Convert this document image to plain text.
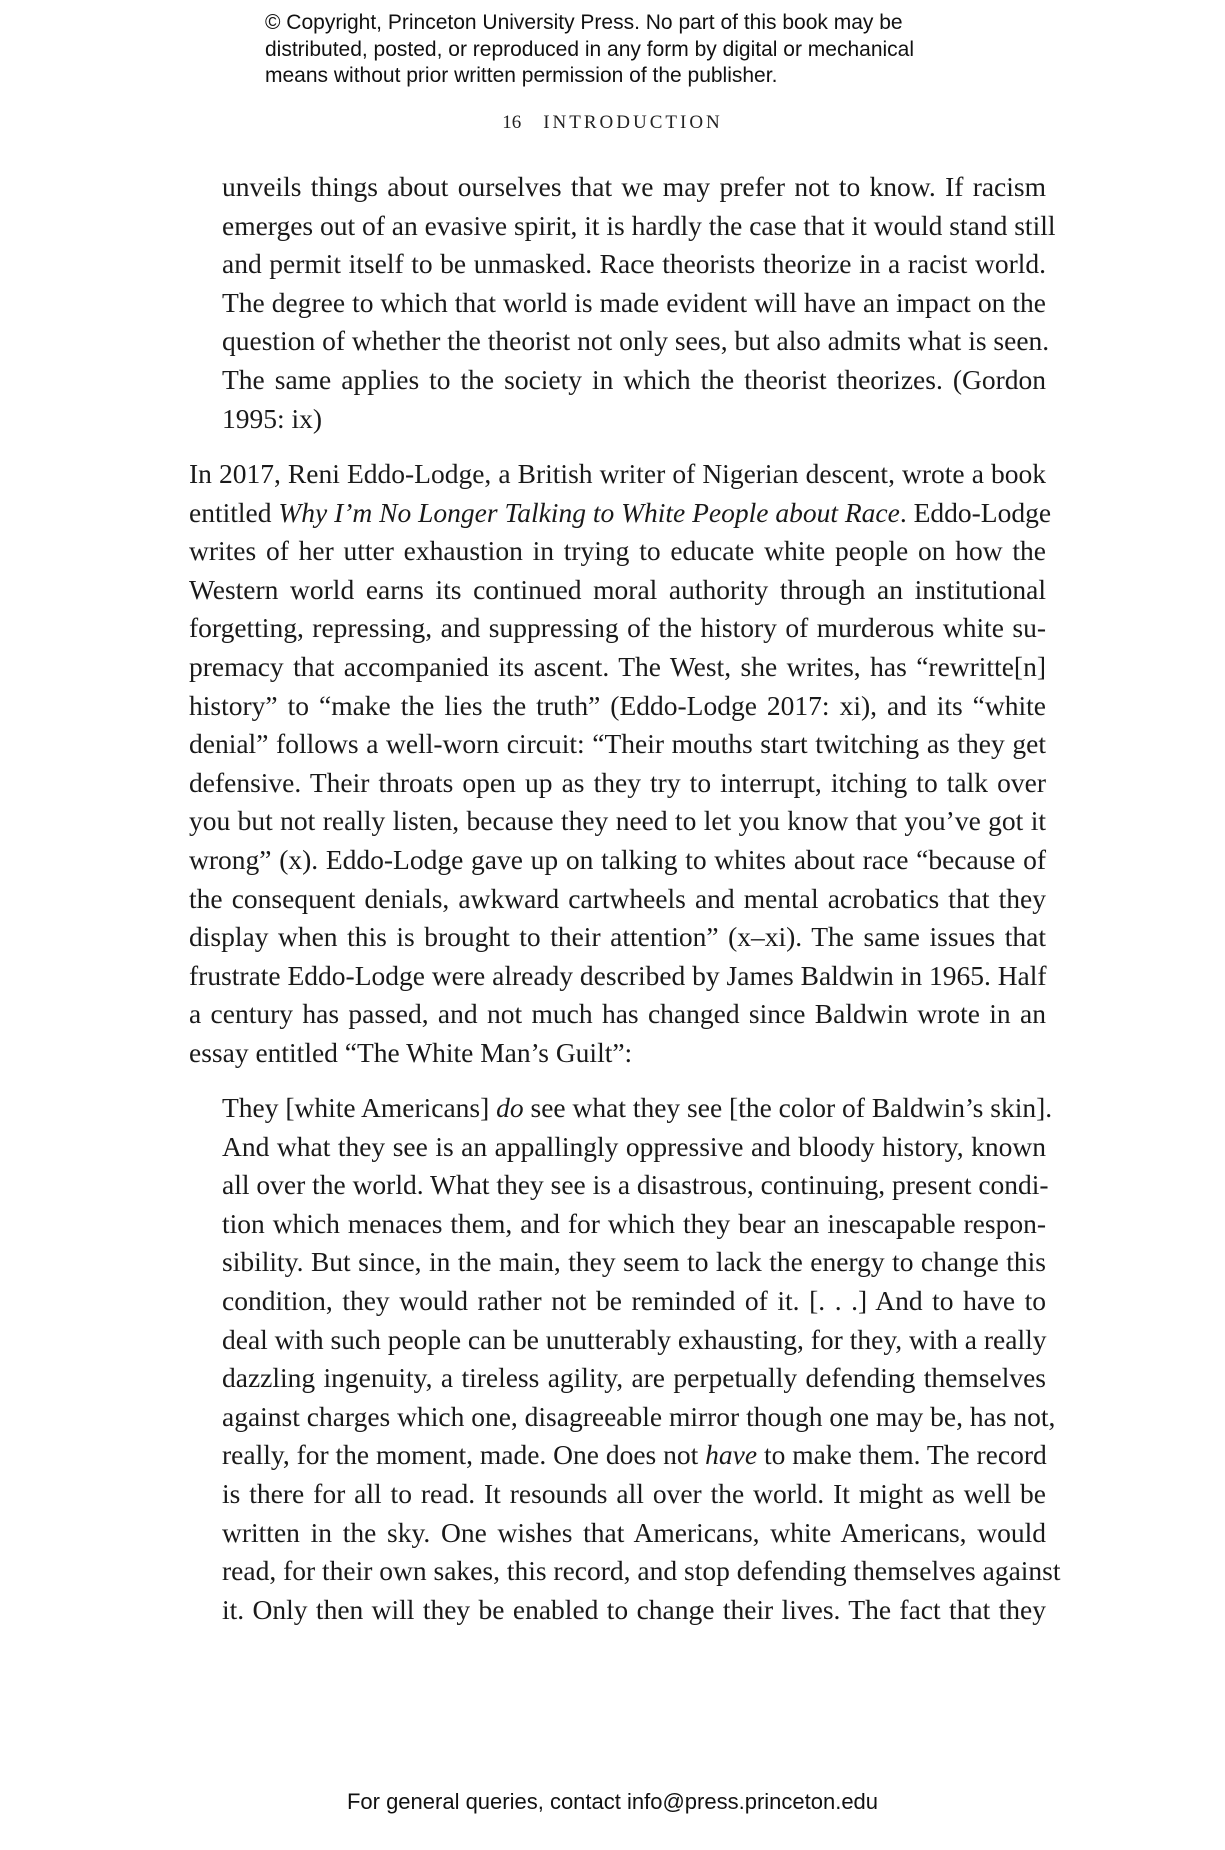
© Copyright, Princeton University Press. No part of this book may be
distributed, posted, or reproduced in any form by digital or mechanical
means without prior written permission of the publisher.
16 INTRODUCTION
unveils things about ourselves that we may prefer not to know. If racism
emerges out of an evasive spirit, it is hardly the case that it would stand still
and permit itself to be unmasked. Race theorists theorize in a racist world.
The degree to which that world is made evident will have an impact on the
question of whether the theorist not only sees, but also admits what is seen.
The same applies to the society in which the theorist theorizes. (Gordon
1995: ix)
In 2017, Reni Eddo-Lodge, a British writer of Nigerian descent, wrote a book
entitled Why I’m No Longer Talking to White People about Race. Eddo-Lodge
writes of her utter exhaustion in trying to educate white people on how the
Western world earns its continued moral authority through an institutional
forgetting, repressing, and suppressing of the history of murderous white su-
premacy that accompanied its ascent. The West, she writes, has “rewritte[n]
history” to “make the lies the truth” (Eddo-Lodge 2017: xi), and its “white
denial” follows a well-worn circuit: “Their mouths start twitching as they get
defensive. Their throats open up as they try to interrupt, itching to talk over
you but not really listen, because they need to let you know that you’ve got it
wrong” (x). Eddo-Lodge gave up on talking to whites about race “because of
the consequent denials, awkward cartwheels and mental acrobatics that they
display when this is brought to their attention” (x–xi). The same issues that
frustrate Eddo-Lodge were already described by James Baldwin in 1965. Half
a century has passed, and not much has changed since Baldwin wrote in an
essay entitled “The White Man’s Guilt”:
They [white Americans] do see what they see [the color of Baldwin’s skin].
And what they see is an appallingly oppressive and bloody history, known
all over the world. What they see is a disastrous, continuing, present condi-
tion which menaces them, and for which they bear an inescapable respon-
sibility. But since, in the main, they seem to lack the energy to change this
condition, they would rather not be reminded of it. [. . .] And to have to
deal with such people can be unutterably exhausting, for they, with a really
dazzling ingenuity, a tireless agility, are perpetually defending themselves
against charges which one, disagreeable mirror though one may be, has not,
really, for the moment, made. One does not have to make them. The record
is there for all to read. It resounds all over the world. It might as well be
written in the sky. One wishes that Americans, white Americans, would
read, for their own sakes, this record, and stop defending themselves against
it. Only then will they be enabled to change their lives. The fact that they
For general queries, contact info@press.princeton.edu
